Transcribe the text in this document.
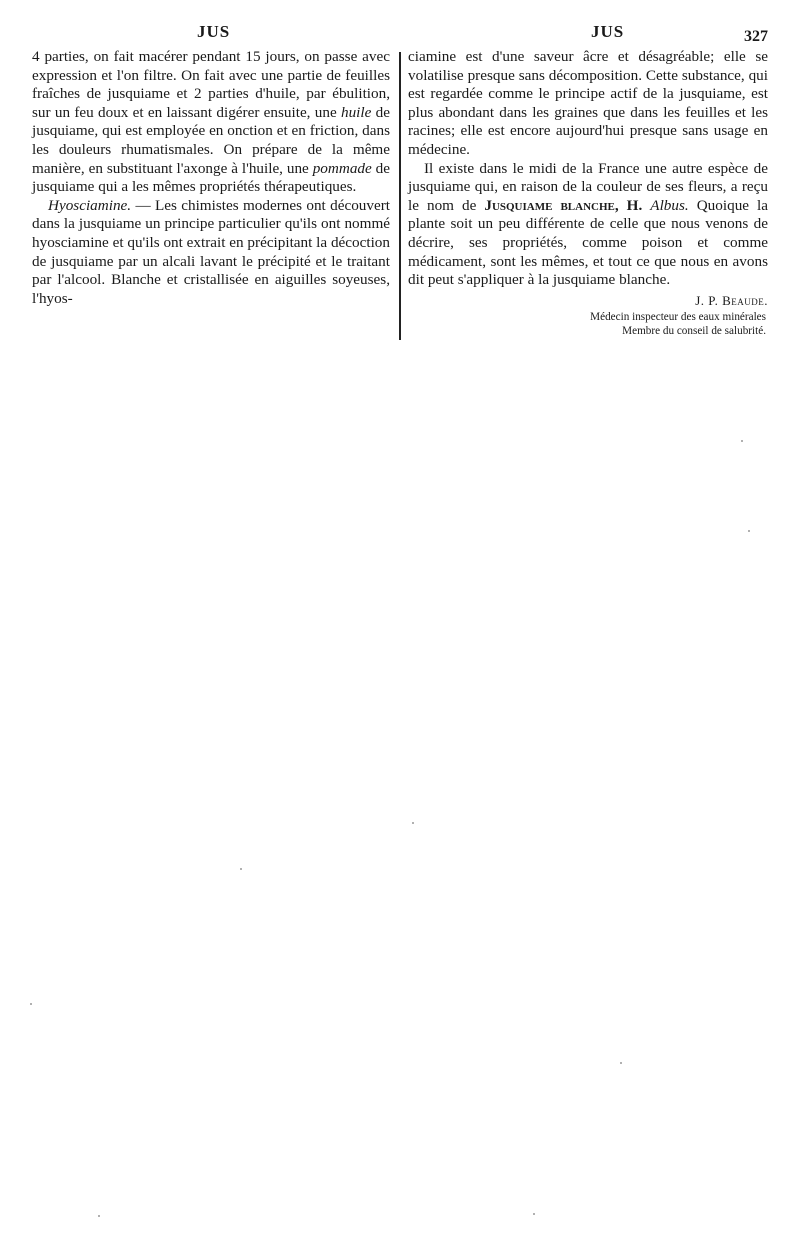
JUS	JUS	327

4 parties, on fait macérer pendant 15 jours, on passe avec expression et l'on filtre. On fait avec une partie de feuilles fraîches de jusquiame et 2 parties d'huile, par ébulition, sur un feu doux et en laissant digérer ensuite, une huile de jusquiame, qui est employée en onction et en friction, dans les douleurs rhumatismales. On prépare de la même manière, en substituant l'axonge à l'huile, une pommade de jusquiame qui a les mêmes propriétés thérapeutiques.

Hyosciamine. — Les chimistes modernes ont découvert dans la jusquiame un principe particulier qu'ils ont nommé hyosciamine et qu'ils ont extrait en précipitant la décoction de jusquiame par un alcali lavant le précipité et le traitant par l'alcool. Blanche et cristallisée en aiguilles soyeuses, l'hyos-

ciamine est d'une saveur âcre et désagréable; elle se volatilise presque sans décomposition. Cette substance, qui est regardée comme le principe actif de la jusquiame, est plus abondant dans les graines que dans les feuilles et les racines; elle est encore aujourd'hui presque sans usage en médecine.

Il existe dans le midi de la France une autre espèce de jusquiame qui, en raison de la couleur de ses fleurs, a reçu le nom de Jusquiame blanche, H. Albus. Quoique la plante soit un peu différente de celle que nous venons de décrire, ses propriétés, comme poison et comme médicament, sont les mêmes, et tout ce que nous en avons dit peut s'appliquer à la jusquiame blanche.

J. P. Beaude.
Médecin inspecteur des eaux minérales
Membre du conseil de salubrité.
